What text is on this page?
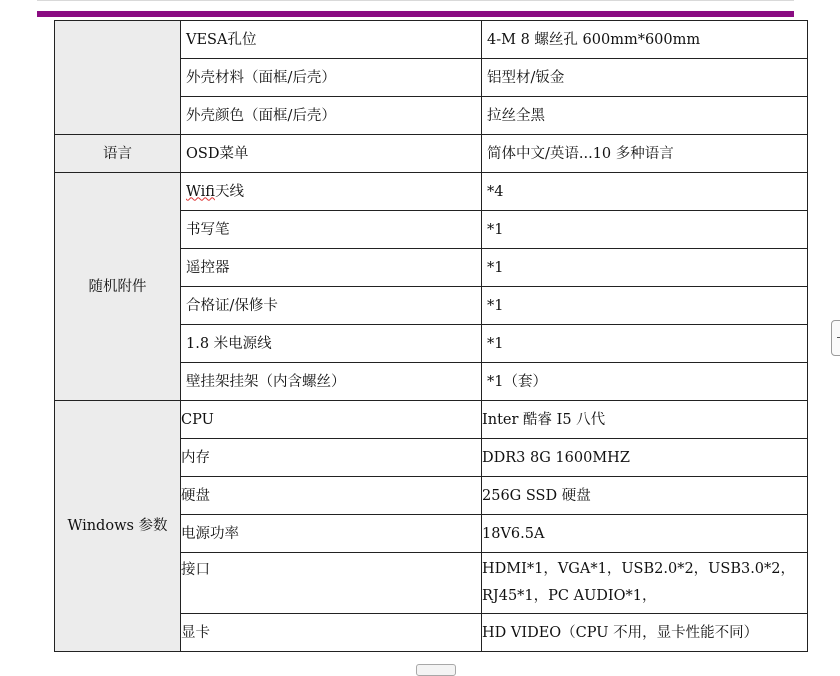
	VESA孔位	4-M 8 螺丝孔 600mm*600mm
	外壳材料（面框/后壳）	铝型材/钣金
	外壳颜色（面框/后壳）	拉丝全黑
语言	OSD菜单	简体中文/英语...10 多种语言
随机附件	Wifi天线	*4
	书写笔	*1
	遥控器	*1
	合格证/保修卡	*1
	1.8 米电源线	*1
	壁挂架挂架（内含螺丝）	*1（套）
Windows 参数	CPU	Inter 酷睿 I5 八代
	内存	DDR3 8G 1600MHZ
	硬盘	256G SSD 硬盘
	电源功率	18V6.5A
	接口	HDMI*1，VGA*1，USB2.0*2，USB3.0*2，RJ45*1，PC AUDIO*1，
	显卡	HD VIDEO（CPU 不用，显卡性能不同）
